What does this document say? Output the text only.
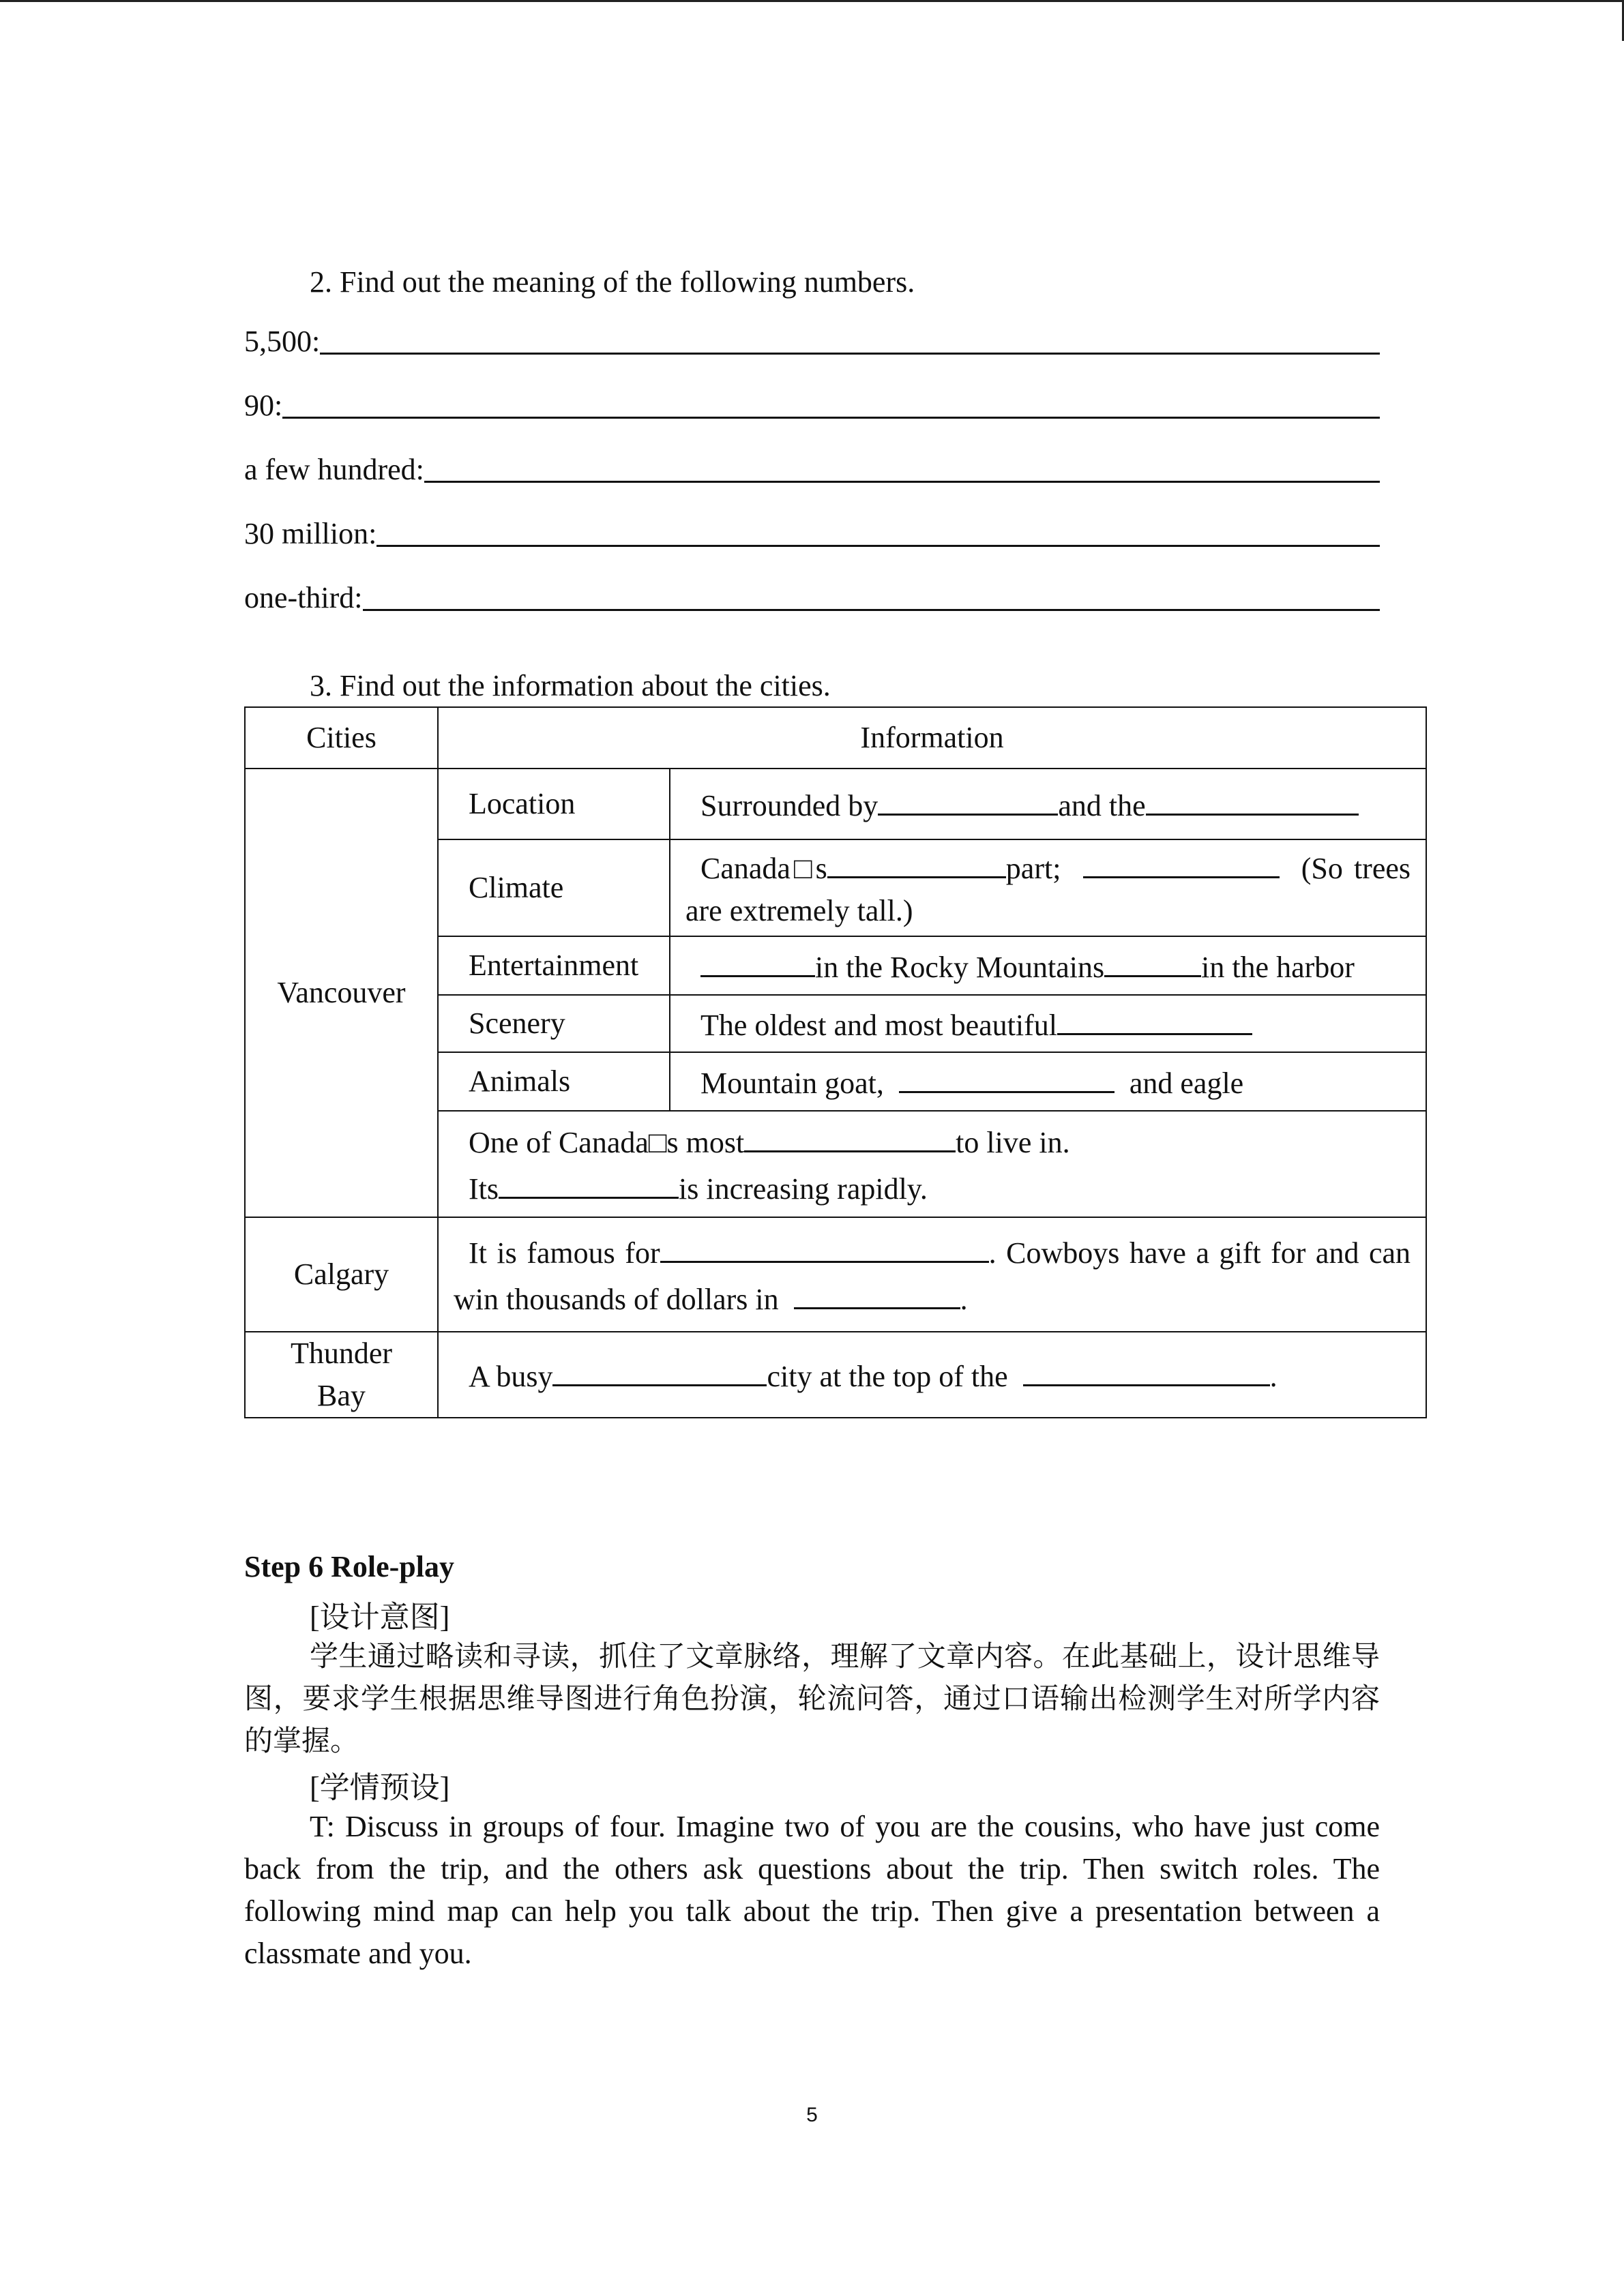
2. Find out the meaning of the following numbers.
5,500:
90:
a few hundred:
30 million:
one-third:
3. Find out the information about the cities.
Cities	Information	
Vancouver	Location	Surrounded by and the
	Climate	Canada□s part; (So trees are extremely tall.)
	Entertainment	in the Rocky Mountains in the harbor
	Scenery	The oldest and most beautiful
	Animals	Mountain goat, and eagle

	One of Canada□s most to live in.
Its is increasing rapidly.	

Calgary	It is famous for . Cowboys have a gift for and can win thousands of dollars in .	

Thunder
Bay	A busy city at the top of the .	
Step 6 Role-play
[设计意图]
学生通过略读和寻读，抓住了文章脉络，理解了文章内容。在此基础上，设计思维导图，要求学生根据思维导图进行角色扮演，轮流问答，通过口语输出检测学生对所学内容的掌握。
[学情预设]
T: Discuss in groups of four. Imagine two of you are the cousins, who have just come back from the trip, and the others ask questions about the trip. Then switch roles. The following mind map can help you talk about the trip. Then give a presentation between a classmate and you.
5
